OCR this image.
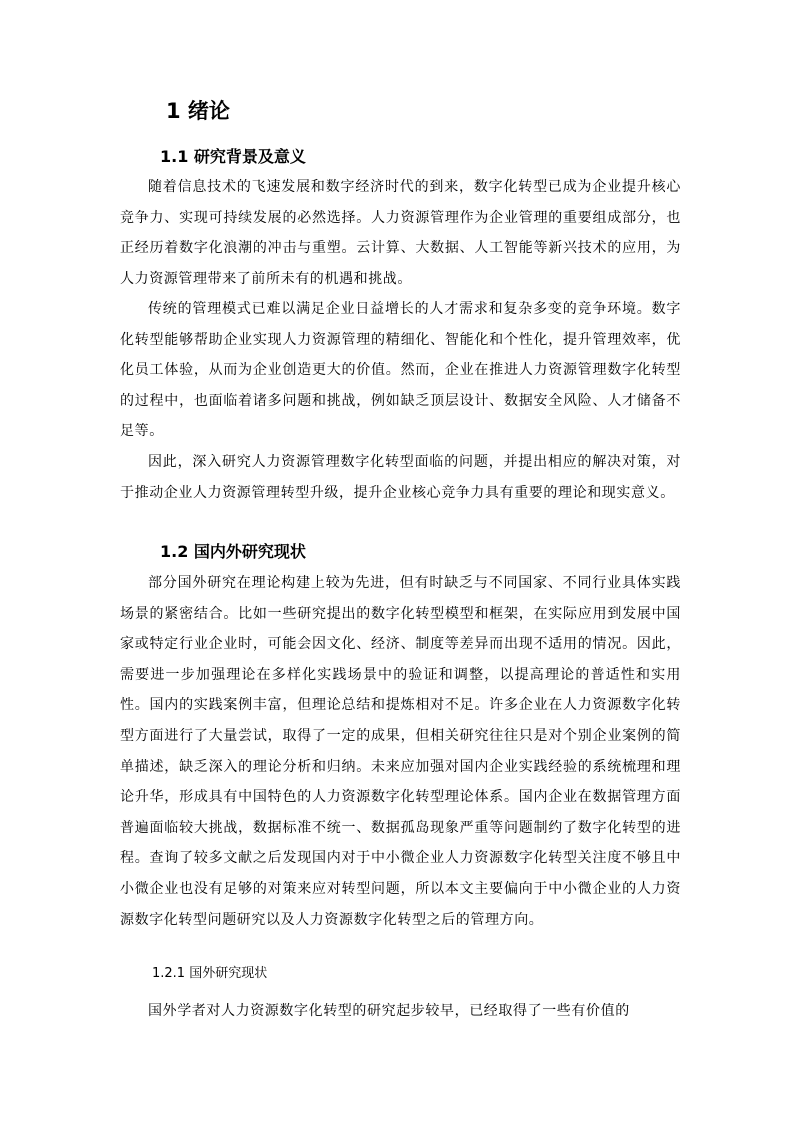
1 绪论
1.1 研究背景及意义

随着信息技术的飞速发展和数字经济时代的到来，数字化转型已成为企业提升核心竞争力、实现可持续发展的必然选择。人力资源管理作为企业管理的重要组成部分，也正经历着数字化浪潮的冲击与重塑。云计算、大数据、人工智能等新兴技术的应用，为人力资源管理带来了前所未有的机遇和挑战。

传统的管理模式已难以满足企业日益增长的人才需求和复杂多变的竞争环境。数字化转型能够帮助企业实现人力资源管理的精细化、智能化和个性化，提升管理效率，优化员工体验，从而为企业创造更大的价值。然而，企业在推进人力资源管理数字化转型的过程中，也面临着诸多问题和挑战，例如缺乏顶层设计、数据安全风险、人才储备不足等。

因此，深入研究人力资源管理数字化转型面临的问题，并提出相应的解决对策，对于推动企业人力资源管理转型升级，提升企业核心竞争力具有重要的理论和现实意义。

1.2 国内外研究现状

部分国外研究在理论构建上较为先进，但有时缺乏与不同国家、不同行业具体实践场景的紧密结合。比如一些研究提出的数字化转型模型和框架，在实际应用到发展中国家或特定行业企业时，可能会因文化、经济、制度等差异而出现不适用的情况。因此，需要进一步加强理论在多样化实践场景中的验证和调整，以提高理论的普适性和实用性。国内的实践案例丰富，但理论总结和提炼相对不足。许多企业在人力资源数字化转型方面进行了大量尝试，取得了一定的成果，但相关研究往往只是对个别企业案例的简单描述，缺乏深入的理论分析和归纳。未来应加强对国内企业实践经验的系统梳理和理论升华，形成具有中国特色的人力资源数字化转型理论体系。国内企业在数据管理方面普遍面临较大挑战，数据标准不统一、数据孤岛现象严重等问题制约了数字化转型的进程。查询了较多文献之后发现国内对于中小微企业人力资源数字化转型关注度不够且中小微企业也没有足够的对策来应对转型问题，所以本文主要偏向于中小微企业的人力资源数字化转型问题研究以及人力资源数字化转型之后的管理方向。

1.2.1 国外研究现状

国外学者对人力资源数字化转型的研究起步较早，已经取得了一些有价值的
